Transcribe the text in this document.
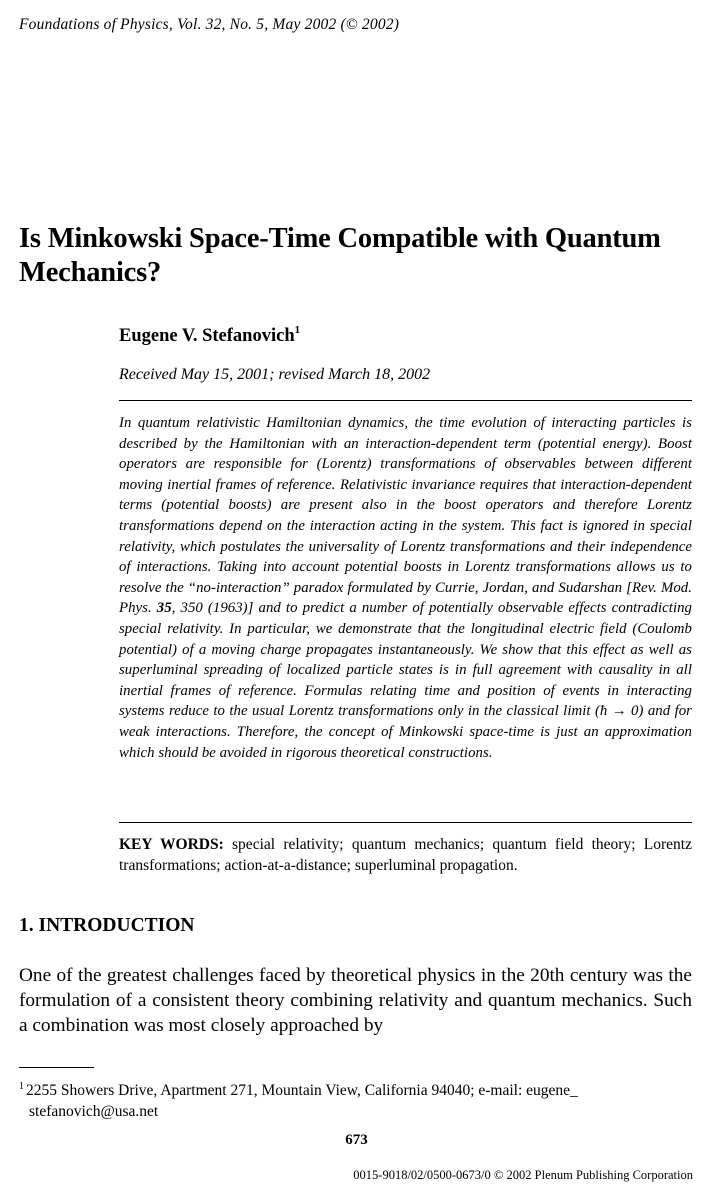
Foundations of Physics, Vol. 32, No. 5, May 2002 (© 2002)
Is Minkowski Space-Time Compatible with Quantum Mechanics?
Eugene V. Stefanovich$^1$
Received May 15, 2001; revised March 18, 2002
In quantum relativistic Hamiltonian dynamics, the time evolution of interacting particles is described by the Hamiltonian with an interaction-dependent term (potential energy). Boost operators are responsible for (Lorentz) transformations of observables between different moving inertial frames of reference. Relativistic invariance requires that interaction-dependent terms (potential boosts) are present also in the boost operators and therefore Lorentz transformations depend on the interaction acting in the system. This fact is ignored in special relativity, which postulates the universality of Lorentz transformations and their independence of interactions. Taking into account potential boosts in Lorentz transformations allows us to resolve the “no-interaction” paradox formulated by Currie, Jordan, and Sudarshan [Rev. Mod. Phys. 35, 350 (1963)] and to predict a number of potentially observable effects contradicting special relativity. In particular, we demonstrate that the longitudinal electric field (Coulomb potential) of a moving charge propagates instantaneously. We show that this effect as well as superluminal spreading of localized particle states is in full agreement with causality in all inertial frames of reference. Formulas relating time and position of events in interacting systems reduce to the usual Lorentz transformations only in the classical limit (ħ → 0) and for weak interactions. Therefore, the concept of Minkowski space-time is just an approximation which should be avoided in rigorous theoretical constructions.
KEY WORDS: special relativity; quantum mechanics; quantum field theory; Lorentz transformations; action-at-a-distance; superluminal propagation.
1. INTRODUCTION
One of the greatest challenges faced by theoretical physics in the 20th century was the formulation of a consistent theory combining relativity and quantum mechanics. Such a combination was most closely approached by
$^1$ 2255 Showers Drive, Apartment 271, Mountain View, California 94040; e-mail: eugene_
stefanovich@usa.net
673
0015-9018/02/0500-0673/0 © 2002 Plenum Publishing Corporation
